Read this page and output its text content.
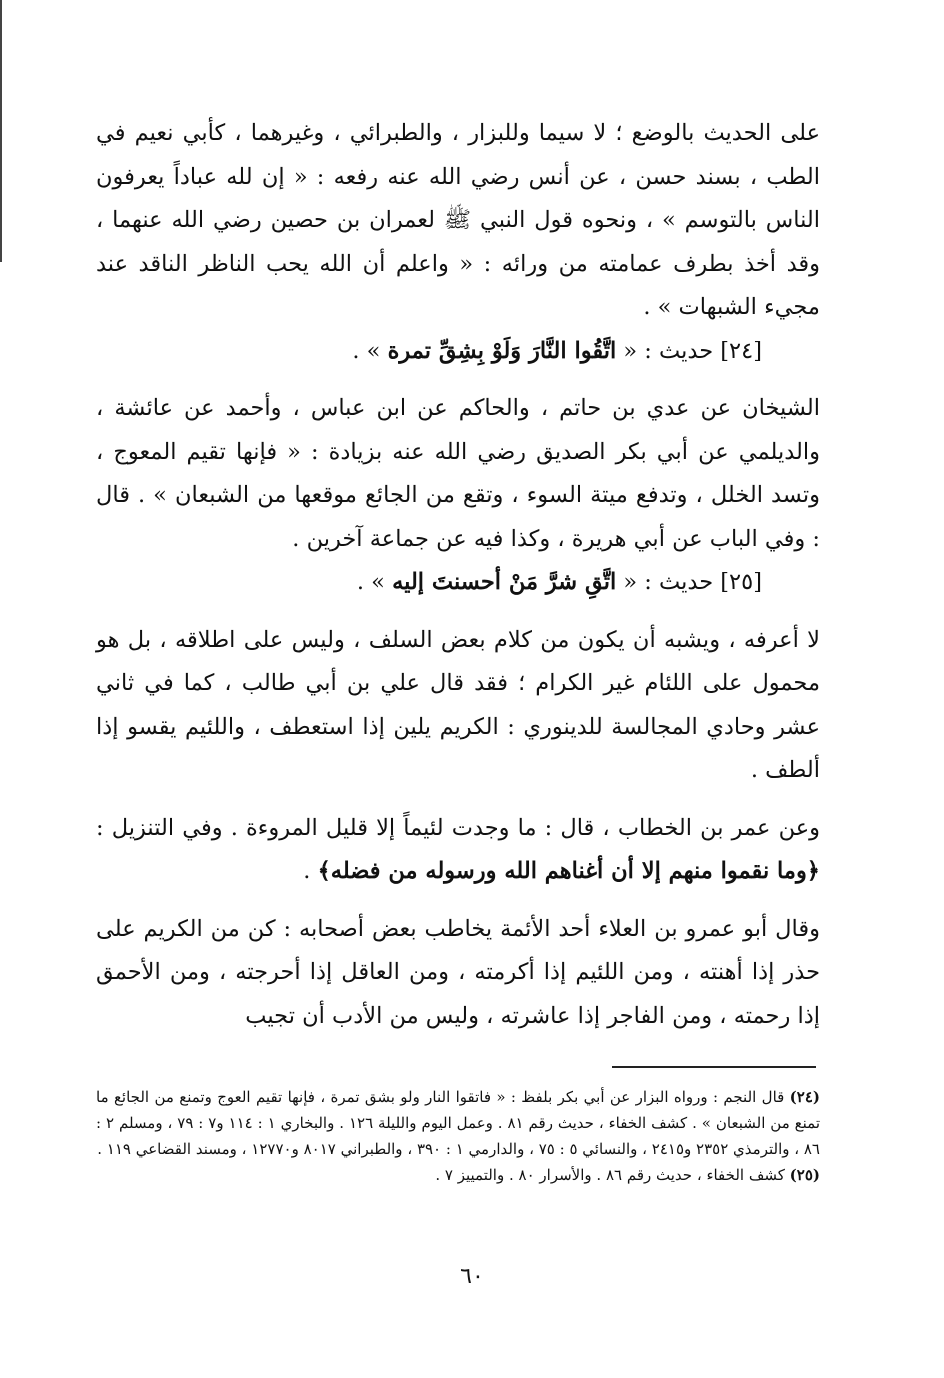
على الحديث بالوضع ؛ لا سيما وللبزار ، والطبرائي ، وغيرهما ، كأبي نعيم في الطب ، بسند حسن ، عن أنس رضي الله عنه رفعه : « إن لله عباداً يعرفون الناس بالتوسم » ، ونحوه قول النبي ﷺ لعمران بن حصين رضي الله عنهما ، وقد أخذ بطرف عمامته من ورائه : « واعلم أن الله يحب الناظر الناقد عند مجيء الشبهات » .

[٢٤] حديث : « اتَّقُوا النَّارَ وَلَوْ بِشِقِّ تمرة » .

الشيخان عن عدي بن حاتم ، والحاكم عن ابن عباس ، وأحمد عن عائشة ، والديلمي عن أبي بكر الصديق رضي الله عنه بزيادة : « فإنها تقيم المعوج ، وتسد الخلل ، وتدفع ميتة السوء ، وتقع من الجائع موقعها من الشبعان » . قال : وفي الباب عن أبي هريرة ، وكذا فيه عن جماعة آخرين .

[٢٥] حديث : « اتَّقِ شرَّ مَنْ أحسنتَ إليه » .

لا أعرفه ، ويشبه أن يكون من كلام بعض السلف ، وليس على اطلاقه ، بل هو محمول على اللئام غير الكرام ؛ فقد قال علي بن أبي طالب ، كما في ثاني عشر وحادي المجالسة للدينوري : الكريم يلين إذا استعطف ، واللئيم يقسو إذا ألطف .

وعن عمر بن الخطاب ، قال : ما وجدت لئيماً إلا قليل المروءة . وفي التنزيل : ﴿وما نقموا منهم إلا أن أغناهم الله ورسوله من فضله﴾ .

وقال أبو عمرو بن العلاء أحد الأئمة يخاطب بعض أصحابه : كن من الكريم على حذر إذا أهنته ، ومن اللئيم إذا أكرمته ، ومن العاقل إذا أحرجته ، ومن الأحمق إذا رحمته ، ومن الفاجر إذا عاشرته ، وليس من الأدب أن تجيب

(٢٤) قال النجم : ورواه البزار عن أبي بكر بلفظ : « فاتقوا النار ولو بشق تمرة ، فإنها تقيم العوج وتمنع من الجائع ما تمنع من الشبعان » . كشف الخفاء ، حديث رقم ٨١ . وعمل اليوم والليلة ١٢٦ . والبخاري ١ : ١١٤ و٧ : ٧٩ ، ومسلم ٢ : ٨٦ ، والترمذي ٢٣٥٢ و٢٤١٥ ، والنسائي ٥ : ٧٥ ، والدارمي ١ : ٣٩٠ ، والطبراني ٨٠١٧ و١٢٧٧٠ ، ومسند القضاعي ١١٩ .

(٢٥) كشف الخفاء ، حديث رقم ٨٦ . والأسرار ٨٠ . والتمييز ٧ .

٦٠
